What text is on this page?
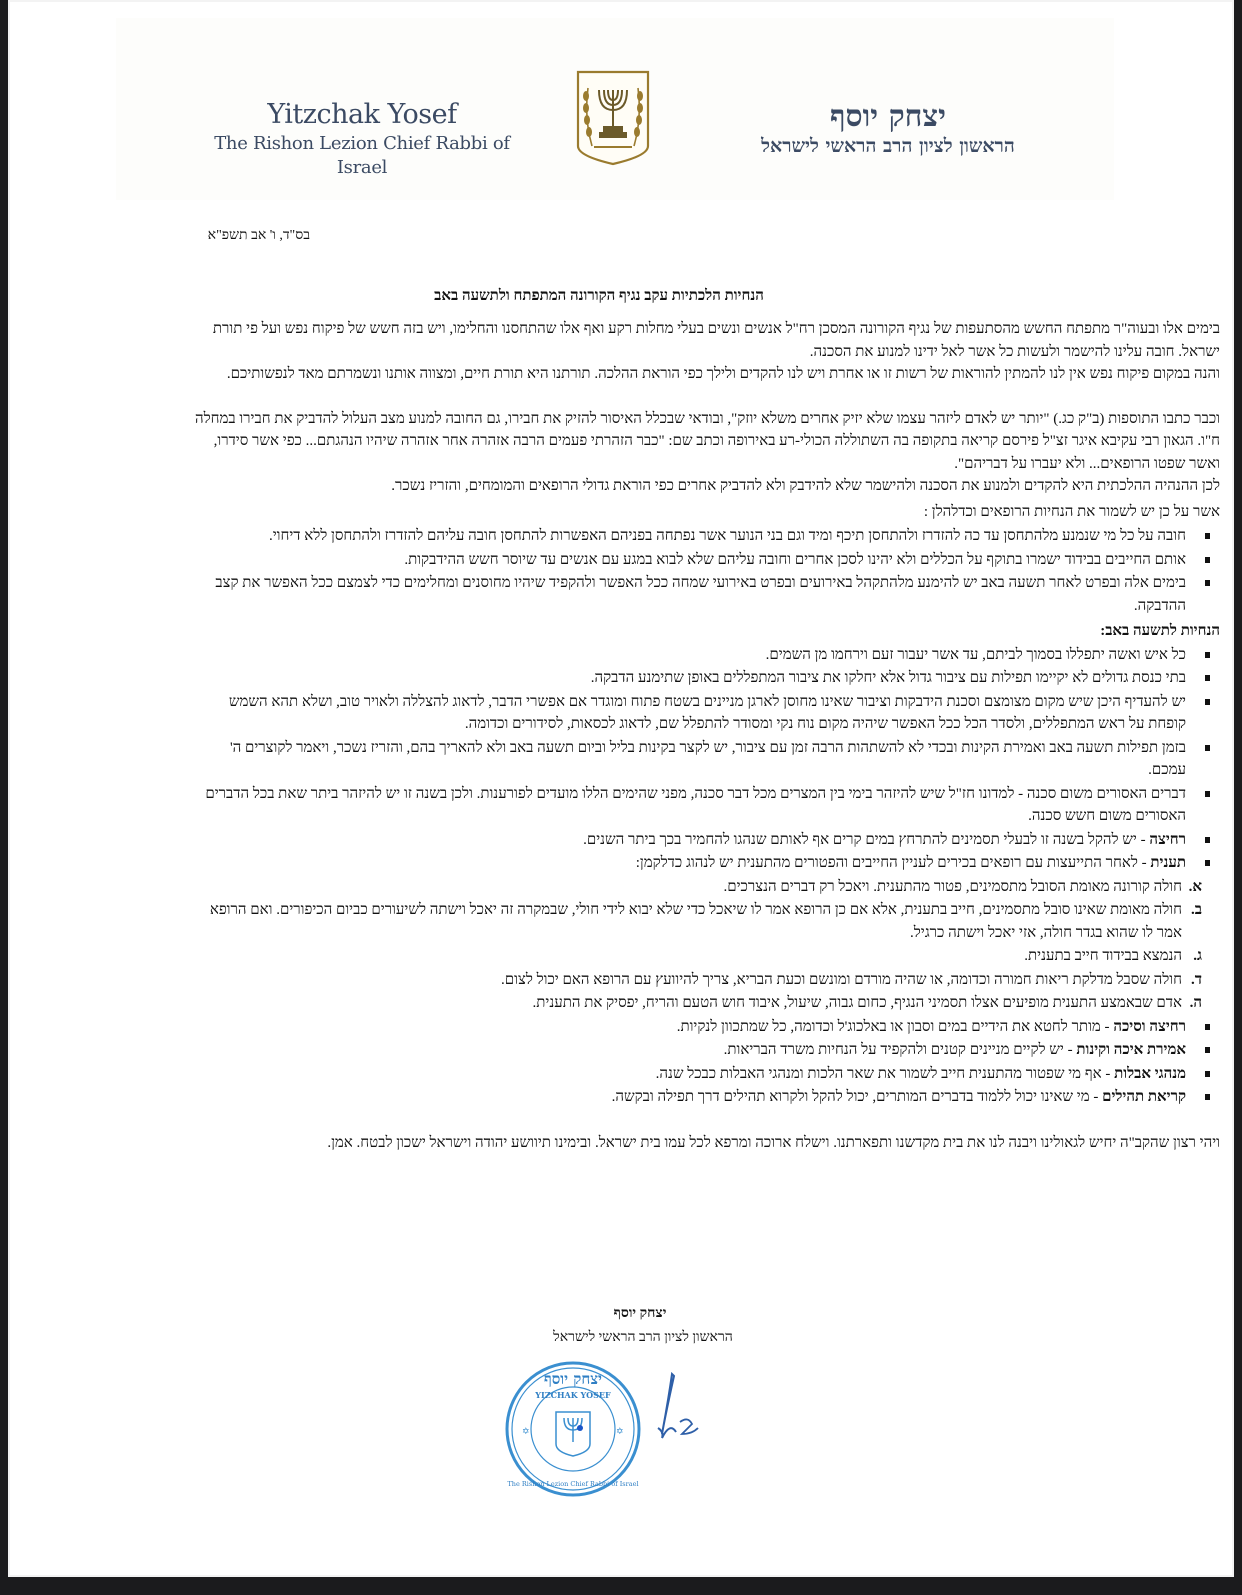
Yitzchak Yosef
The Rishon Lezion Chief Rabbi of Israel
יצחק יוסף
הראשון לציון הרב הראשי לישראל
בס"ד, ו' אב תשפ"א
הנחיות הלכתיות עקב נגיף הקורונה המתפתח ולתשעה באב

בימים אלו ובעוה"ר מתפתח החשש מהסתעפות של נגיף הקורונה המסכן רח"ל אנשים ונשים בעלי מחלות רקע ואף אלו שהתחסנו והחלימו, ויש בזה חשש של פיקוח נפש ועל פי תורת ישראל. חובה עלינו להישמר ולעשות כל אשר לאל ידינו למנוע את הסכנה.

והנה במקום פיקוח נפש אין לנו להמתין להוראות של רשות זו או אחרת ויש לנו להקדים ולילך כפי הוראת ההלכה. תורתנו היא תורת חיים, ומצווה אותנו ונשמרתם מאד לנפשותיכם.

וכבר כתבו התוספות (ב"ק כג.) "יותר יש לאדם ליזהר עצמו שלא יזיק אחרים משלא יוזק", ובודאי שבכלל האיסור להזיק את חבירו, גם החובה למנוע מצב העלול להדביק את חבירו במחלה ח"ו. הגאון רבי עקיבא איגר זצ"ל פירסם קריאה בתקופה בה השתוללה הכולי-רע באירופה וכתב שם: "כבר הזהרתי פעמים הרבה אזהרה אחר אזהרה שיהיו הנהגתם... כפי אשר סידרו, ואשר שפטו הרופאים... ולא יעברו על דבריהם".

לכן ההנהיה ההלכתית היא להקדים ולמנוע את הסכנה ולהישמר שלא להידבק ולא להדביק אחרים כפי הוראת גדולי הרופאים והמומחים, והזריז נשכר.

אשר על כן יש לשמור את הנחיות הרופאים וכדלהלן :

חובה על כל מי שנמנע מלהתחסן עד כה להזדרז ולהתחסן תיכף ומיד וגם בני הנוער אשר נפתחה בפניהם האפשרות להתחסן חובה עליהם להזדרז ולהתחסן ללא דיחוי.
אותם החייבים בבידוד ישמרו בתוקף על הכללים ולא יהינו לסכן אחרים וחובה עליהם שלא לבוא במגע עם אנשים עד שיוסר חשש ההידבקות.
בימים אלה ובפרט לאחר תשעה באב יש להימנע מלהתקהל באירועים ובפרט באירועי שמחה ככל האפשר ולהקפיד שיהיו מחוסנים ומחלימים כדי לצמצם ככל האפשר את קצב ההדבקה.

הנחיות לתשעה באב:

כל איש ואשה יתפללו בסמוך לביתם, עד אשר יעבור זעם וירחמו מן השמים.
בתי כנסת גדולים לא יקיימו תפילות עם ציבור גדול אלא יחלקו את ציבור המתפללים באופן שתימנע הדבקה.
יש להעדיף היכן שיש מקום מצומצם וסכנת הידבקות וציבור שאינו מחוסן לארגן מניינים בשטח פתוח ומוגדר אם אפשרי הדבר, לדאוג להצללה ולאויר טוב, ושלא תהא השמש קופחת על ראש המתפללים, ולסדר הכל ככל האפשר שיהיה מקום נוח נקי ומסודר להתפלל שם, לדאוג לכסאות, לסידורים וכדומה.
בזמן תפילות תשעה באב ואמירת הקינות ובכדי לא להשתהות הרבה זמן עם ציבור, יש לקצר בקינות בליל וביום תשעה באב ולא להאריך בהם, והזריז נשכר, ויאמר לקוצרים ה' עמכם.
דברים האסורים משום סכנה - למדונו חז"ל שיש להיזהר בימי בין המצרים מכל דבר סכנה, מפני שהימים הללו מועדים לפורענות. ולכן בשנה זו יש להיזהר ביתר שאת בכל הדברים האסורים משום חשש סכנה.
רחיצה - יש להקל בשנה זו לבעלי תסמינים להתרחץ במים קרים אף לאותם שנהגו להחמיר בכך ביתר השנים.
תענית - לאחר התייעצות עם רופאים בכירים לעניין החייבים והפטורים מהתענית יש לנהוג כדלקמן:
א.
חולה קורונה מאומת הסובל מתסמינים, פטור מהתענית. ויאכל רק דברים הנצרכים.
ב.
חולה מאומת שאינו סובל מתסמינים, חייב בתענית, אלא אם כן הרופא אמר לו שיאכל כדי שלא יבוא לידי חולי, שבמקרה זה יאכל וישתה לשיעורים כביום הכיפורים. ואם הרופא אמר לו שהוא בגדר חולה, אזי יאכל וישתה כרגיל.
ג.
הנמצא בבידוד חייב בתענית.
ד.
חולה שסבל מדלקת ריאות חמורה וכדומה, או שהיה מורדם ומונשם וכעת הבריא, צריך להיוועץ עם הרופא האם יכול לצום.
ה.
אדם שבאמצע התענית מופיעים אצלו תסמיני הנגיף, כחום גבוה, שיעול, איבוד חוש הטעם והריח, יפסיק את התענית.
רחיצה וסיכה - מותר לחטא את הידיים במים וסבון או באלכוג'ל וכדומה, כל שמתכוון לנקיות.
אמירת איכה וקינות - יש לקיים מניינים קטנים ולהקפיד על הנחיות משרד הבריאות.
מנהגי אבלות - אף מי שפטור מהתענית חייב לשמור את שאר הלכות ומנהגי האבלות כבכל שנה.
קריאת תהילים - מי שאינו יכול ללמוד בדברים המותרים, יכול להקל ולקרוא תהילים דרך תפילה ובקשה.

ויהי רצון שהקב"ה יחיש לגאולינו ויבנה לנו את בית מקדשנו ותפארתנו. וישלח ארוכה ומרפא לכל עמו בית ישראל. ובימינו תיוושע יהודה וישראל ישכון לבטח. אמן.

יצחק יוסף
הראשון לציון הרב הראשי לישראל
יצחק יוסף
YIZCHAK YOSEF
The Rishon Lezion Chief Rabbi of Israel
✡	✡
